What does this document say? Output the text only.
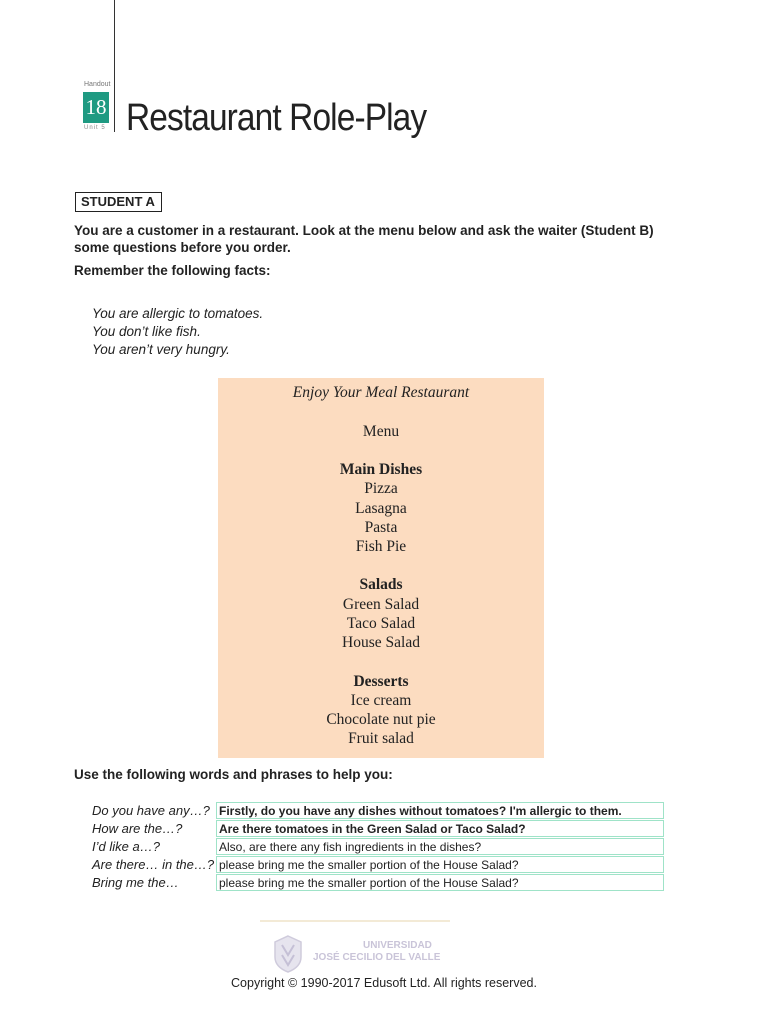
Handout
18
Unit 5 Restaurant Role-Play
STUDENT A
You are a customer in a restaurant. Look at the menu below and ask the waiter (Student B) some questions before you order.
Remember the following facts:
You are allergic to tomatoes.
You don’t like fish.
You aren’t very hungry.
Enjoy Your Meal Restaurant
Menu
Main Dishes
Pizza
Lasagna
Pasta
Fish Pie
Salads
Green Salad
Taco Salad
House Salad
Desserts
Ice cream
Chocolate nut pie
Fruit salad
Use the following words and phrases to help you:
Do you have any…?
How are the…?
I’d like a…?
Are there… in the…?
Bring me the…
Firstly, do you have any dishes without tomatoes? I'm allergic to them.
Are there tomatoes in the Green Salad or Taco Salad?
Also, are there any fish ingredients in the dishes?
please bring me the smaller portion of the House Salad?
please bring me the smaller portion of the House Salad?
UNIVERSIDAD
JOSÉ CECILIO DEL VALLE
Copyright © 1990-2017 Edusoft Ltd. All rights reserved.
